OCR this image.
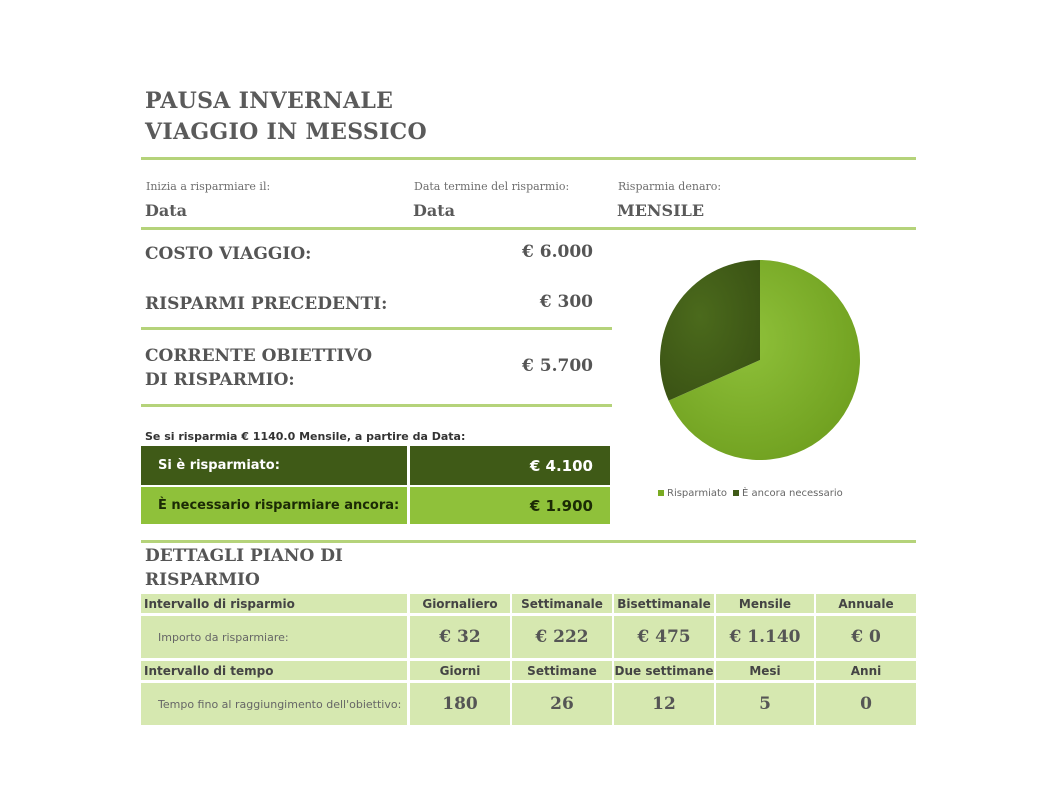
PAUSA INVERNALE
VIAGGIO IN MESSICO
Inizia a risparmiare il:
Data
Data termine del risparmio:
Data
Risparmia denaro:
MENSILE
COSTO VIAGGIO:	€ 6.000
RISPARMI PRECEDENTI:	€ 300
CORRENTE OBIETTIVO
DI RISPARMIO:
€ 5.700
Se si risparmia € 1140.0 Mensile, a partire da Data:
Si è risparmiato:	€ 4.100
È necessario risparmiare ancora:	€ 1.900
Risparmiato	È ancora necessario
DETTAGLI PIANO DI
RISPARMIO
Intervallo di risparmio	Giornaliero	Settimanale	Bisettimanale	Mensile	Annuale
Importo da risparmiare:	€ 32	€ 222	€ 475	€ 1.140	€ 0
Intervallo di tempo	Giorni	Settimane	Due settimane	Mesi	Anni
Tempo fino al raggiungimento dell'obiettivo:	180	26	12	5	0
